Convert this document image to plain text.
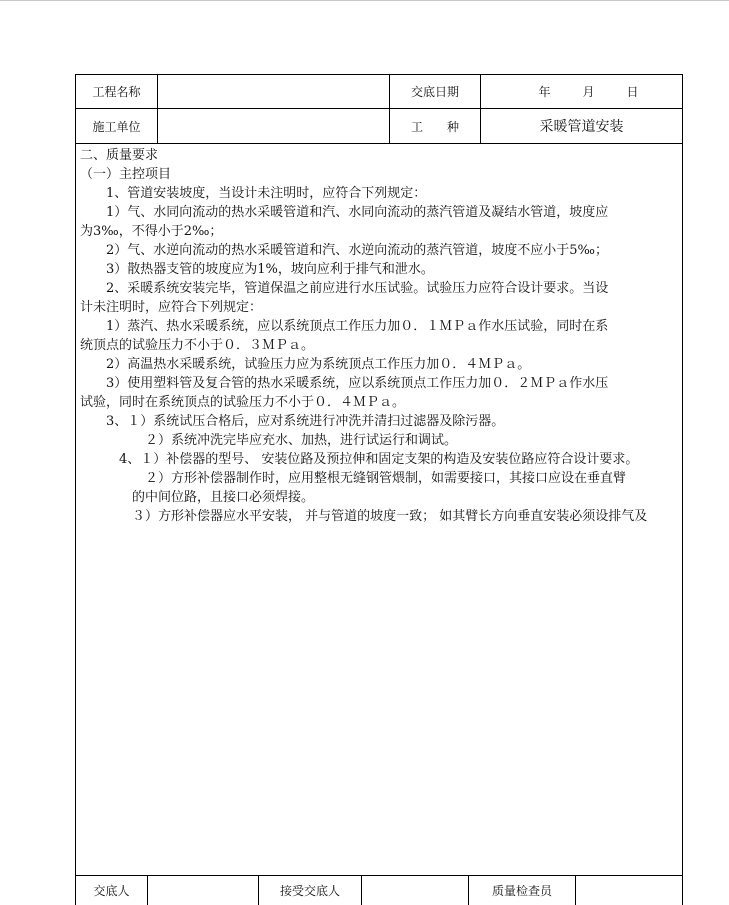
工程名称	交底日期	年	月	日
施工单位	工　　种	采暖管道安装
二、质量要求
（一）主控项目
　　1、管道安装坡度，当设计未注明时，应符合下列规定：
　　1）气、水同向流动的热水采暖管道和汽、水同向流动的蒸汽管道及凝结水管道，坡度应
为3‰，不得小于2‰；
　　2）气、水逆向流动的热水采暖管道和汽、水逆向流动的蒸汽管道，坡度不应小于5‰；
　　3）散热器支管的坡度应为1%，坡向应利于排气和泄水。
　　2、采暖系统安装完毕，管道保温之前应进行水压试验。试验压力应符合设计要求。当设
计未注明时，应符合下列规定：
　　1）蒸汽、热水采暖系统，应以系统顶点工作压力加０．１ＭＰａ作水压试验，同时在系
统顶点的试验压力不小于０．３ＭＰａ。
　　2）高温热水采暖系统，试验压力应为系统顶点工作压力加０．４ＭＰａ。
　　3）使用塑料管及复合管的热水采暖系统，应以系统顶点工作压力加０．２ＭＰａ作水压
试验，同时在系统顶点的试验压力不小于０．４ＭＰａ。
　　3、１）系统试压合格后，应对系统进行冲洗并清扫过滤器及除污器。
　　　　　２）系统冲洗完毕应充水、加热，进行试运行和调试。
　　　4、１）补偿器的型号、 安装位路及预拉伸和固定支架的构造及安装位路应符合设计要求。
　　　　　２）方形补偿器制作时，应用整根无缝钢管煨制，如需要接口，其接口应设在垂直臂
　　　　的中间位路，且接口必须焊接。
　　　　３）方形补偿器应水平安装， 并与管道的坡度一致； 如其臂长方向垂直安装必须设排气及
交底人	接受交底人	质量检查员
